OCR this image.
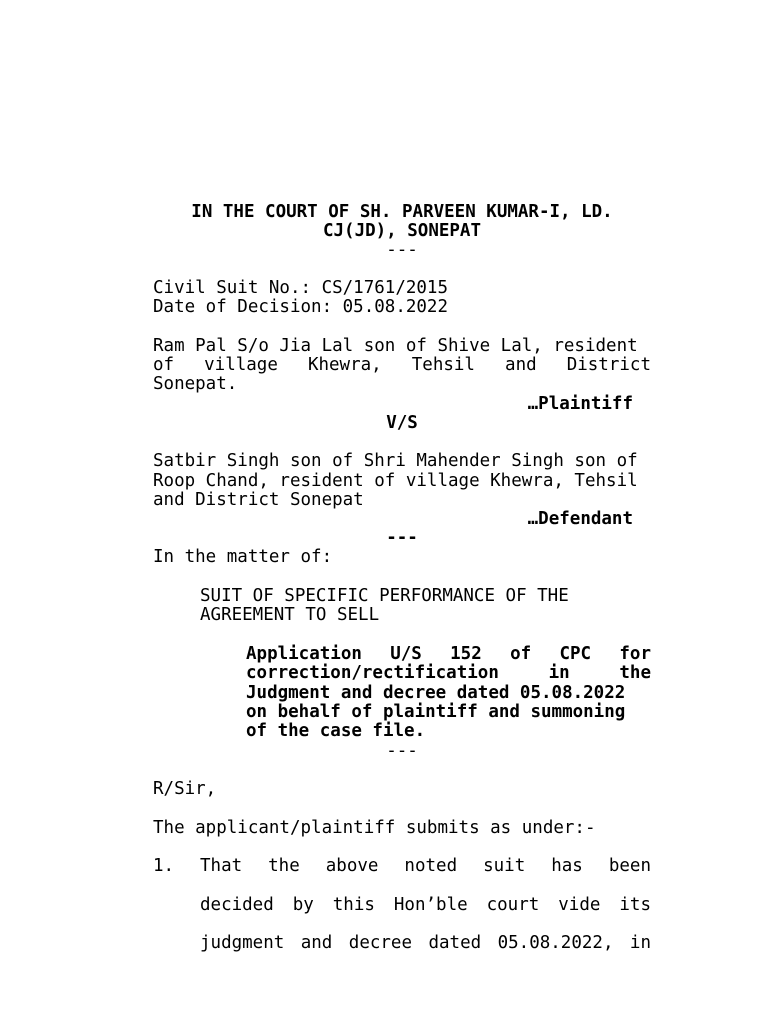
IN THE COURT OF SH. PARVEEN KUMAR-I, LD.
CJ(JD), SONEPAT
---
Civil Suit No.: CS/1761/2015
Date of Decision: 05.08.2022
Ram Pal S/o Jia Lal son of Shive Lal, resident
of village Khewra, Tehsil and District
Sonepat.
…Plaintiff
V/S
Satbir Singh son of Shri Mahender Singh son of
Roop Chand, resident of village Khewra, Tehsil
and District Sonepat
…Defendant
---
In the matter of:
SUIT OF SPECIFIC PERFORMANCE OF THE
AGREEMENT TO SELL
Application U/S 152 of CPC for
correction/rectification in the
Judgment and decree dated 05.08.2022
on behalf of plaintiff and summoning
of the case file.
---
R/Sir,
The applicant/plaintiff submits as under:-
1. That the above noted suit has been
decided by this Hon’ble court vide its
judgment and decree dated 05.08.2022, in
